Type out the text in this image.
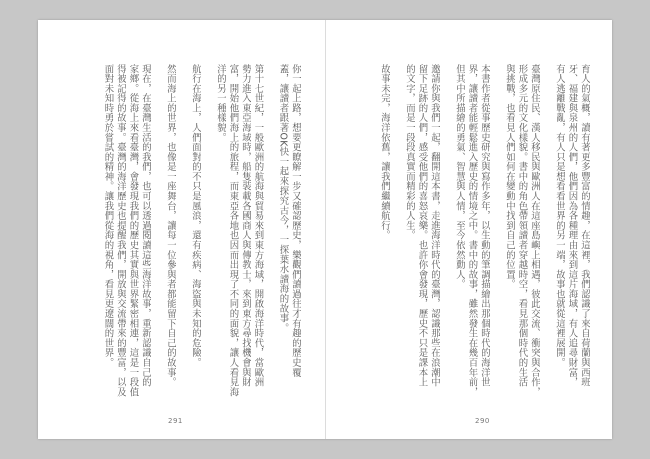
你一起上路，想要更瞭解一步又確認歷史，樂觀們讀過往才有趣的歷史覆
蓋，讓讀者跟著OK快一起來探究古今，一探葉水讀海的故事。
第十七世紀，一般歐洲的航海與貿易來到東方海域，開啟海洋時代，當歐洲
勢力進入東亞海域時，船隻裝載各國商人與傳教士，來到東方尋找機會與財
富，開始他們海上的旅程，而東亞各地也因而出現了不同的面貌，讓人看見海
洋的另一種樣貌。
航行在海上，人們面對的不只是風浪，還有疾病、海盜與未知的危險。
然而海上的世界，也像是一座舞台，讓每一位參與者都能留下自己的故事。
現在，在臺灣生活的我們，也可以透過閱讀這些海洋故事，重新認識自己的
家鄉。從海上來看臺灣，會發現我們的歷史其實與世界緊密相連，這是一段值
得被記得的故事。臺灣的海洋歷史也提醒我們，開放與交流帶來的豐富，以及
面對未知時勇於嘗試的精神。讓我們從海的視角，看見更遼闊的世界。
291
育人的氣概，讀有著更多豐富的情趣，在這裡，我們認識了來自荷蘭與西班
牙、福建與泉州的人們，他們因為各種理由來到這片海域，有人追尋財富，
有人逃離戰亂，有人只是想看看世界的另一端，故事也就從這裡展開。
臺灣原住民、漢人移民與歐洲人在這座島嶼上相遇，彼此交流、衝突與合作，
形成多元的文化樣貌。書中的角色帶領讀者穿越時空，看見那個時代的生活
與挑戰，也看見人們如何在變動中找到自己的位置。
本書作者從事歷史研究與寫作多年，以生動的筆調描繪出那個時代的海洋世
界，讓讀者能輕鬆進入歷史的情境之中。書中的故事，雖然發生在幾百年前，
但其中所描繪的勇氣、智慧與人情，至今依然動人。
邀請你與我們一起，翻開這本書，走進海洋時代的臺灣，認識那些在浪潮中
留下足跡的人們，感受他們的喜怒哀樂。也許你會發現，歷史不只是課本上
的文字，而是一段段真實而精彩的人生。
故事未完，海洋依舊，讓我們繼續航行。
290
